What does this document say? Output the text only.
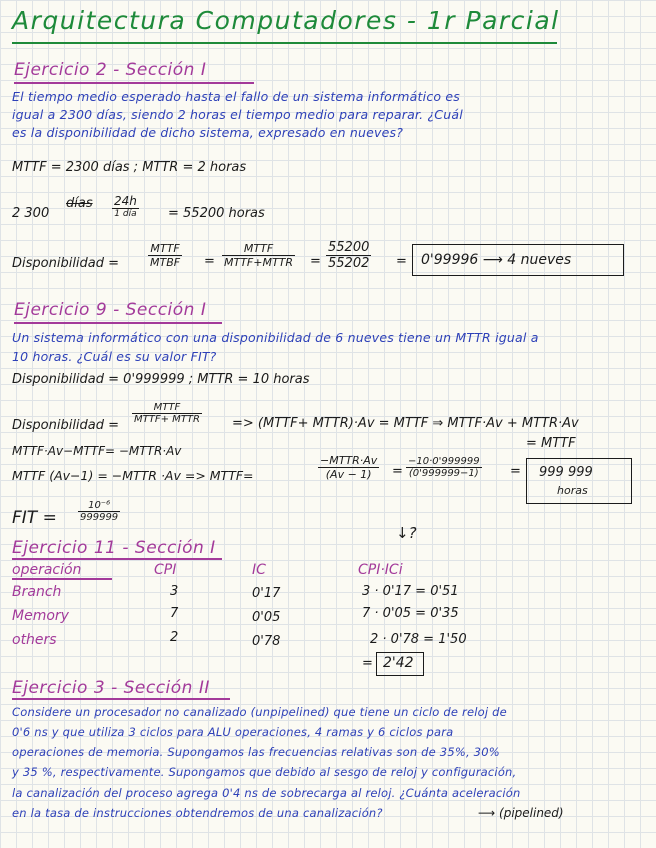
Arquitectura Computadores - 1r Parcial
Ejercicio 2 - Sección I
El tiempo medio esperado hasta el fallo de un sistema informático es
igual a 2300 días, siendo 2 horas el tiempo medio para reparar. ¿Cuál
es la disponibilidad de dicho sistema, expresado en nueves?
MTTF = 2300 días ; MTTR = 2 horas
2 300
días 24h
1 día = 55200 horas
Disponibilidad =
MTTF
MTBF =
MTTF
MTTF+MTTR = $\frac{55200}{55202} = 0'99996$ ⟶ 4 nueves
Ejercicio 9 - Sección I
Un sistema informático con una disponibilidad de 6 nueves tiene un MTTR igual a
10 horas. ¿Cuál es su valor FIT?
Disponibilidad = 0'999999 ; MTTR = 10 horas
Disponibilidad =
MTTF
MTTF+ MTTR => (MTTF+ MTTR)·Av = MTTF ⇒ MTTF·Av + MTTR·Av
= MTTF
MTTF·Av−MTTF= −MTTR·Av
MTTF (Av−1) = −MTTR ·Av => MTTF=
−MTTR·Av
(Av − 1)	= $\frac{-10\cdot 0'999999}{(0'999999-1)} = 999$ 999
horas
FIT = $\frac{\text{10⁻⁶}}{999999}$
↓?
Ejercicio 11 - Sección I
operación	CPI	IC	CPI·ICi
Branch	3	0'17	3 · 0'17 = 0'51
Memory	7	0'05	7 · 0'05 = 0'35
others	2	0'78	2 · 0'78 = 1'50
= 2'42
Ejercicio 3 - Sección II
Considere un procesador no canalizado (unpipelined) que tiene un ciclo de reloj de
0'6 ns y que utiliza 3 ciclos para ALU operaciones, 4 ramas y 6 ciclos para
operaciones de memoria. Supongamos las frecuencias relativas son de 35%, 30%
y 35 %, respectivamente. Supongamos que debido al sesgo de reloj y configuración,
la canalización del proceso agrega 0'4 ns de sobrecarga al reloj. ¿Cuánta aceleración
en la tasa de instrucciones obtendremos de una canalización?	⟶ (pipelined)
